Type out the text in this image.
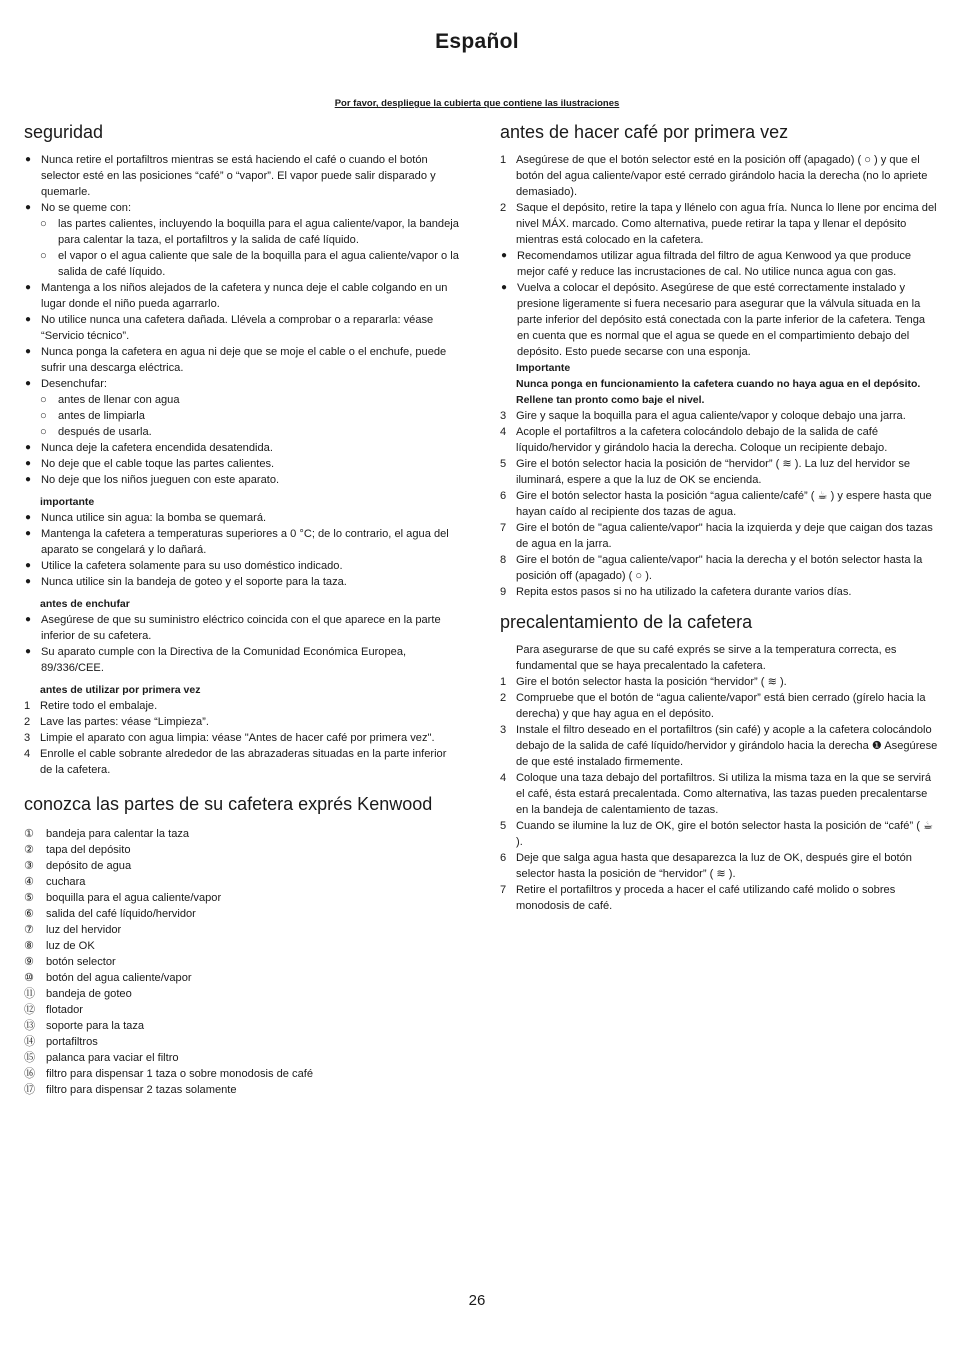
Español
Por favor, despliegue la cubierta que contiene las ilustraciones
seguridad
● Nunca retire el portafiltros mientras se está haciendo el café o cuando el botón selector esté en las posiciones “café” o “vapor”. El vapor puede salir disparado y quemarle.
● No se queme con:
○	las partes calientes, incluyendo la boquilla para el agua caliente/vapor, la bandeja para calentar la taza, el portafiltros y la salida de café líquido.
○	el vapor o el agua caliente que sale de la boquilla para el agua caliente/vapor o la salida de café líquido.
● Mantenga a los niños alejados de la cafetera y nunca deje el cable colgando en un lugar donde el niño pueda agarrarlo.
● No utilice nunca una cafetera dañada. Llévela a comprobar o a repararla: véase “Servicio técnico”.
● Nunca ponga la cafetera en agua ni deje que se moje el cable o el enchufe, puede sufrir una descarga eléctrica.
● Desenchufar:
○	antes de llenar con agua
○	antes de limpiarla
○	después de usarla.
● Nunca deje la cafetera encendida desatendida.
● No deje que el cable toque las partes calientes.
● No deje que los niños jueguen con este aparato.
importante
● Nunca utilice sin agua: la bomba se quemará.
● Mantenga la cafetera a temperaturas superiores a 0 °C; de lo contrario, el agua del aparato se congelará y lo dañará.
● Utilice la cafetera solamente para su uso doméstico indicado.
● Nunca utilice sin la bandeja de goteo y el soporte para la taza.
antes de enchufar
● Asegúrese de que su suministro eléctrico coincida con el que aparece en la parte inferior de su cafetera.
● Su aparato cumple con la Directiva de la Comunidad Económica Europea, 89/336/CEE.
antes de utilizar por primera vez
1 Retire todo el embalaje.
2 Lave las partes: véase “Limpieza”.
3 Limpie el aparato con agua limpia: véase "Antes de hacer café por primera vez".
4 Enrolle el cable sobrante alrededor de las abrazaderas situadas en la parte inferior de la cafetera.
conozca las partes de su cafetera exprés Kenwood
①	bandeja para calentar la taza
②	tapa del depósito
③	depósito de agua
④	cuchara
⑤	boquilla para el agua caliente/vapor
⑥	salida del café líquido/hervidor
⑦	luz del hervidor
⑧	luz de OK
⑨	botón selector
⑩	botón del agua caliente/vapor
⑪ bandeja de goteo
⑫ flotador
⑬ soporte para la taza
⑭ portafiltros
⑮ palanca para vaciar el filtro
⑯ filtro para dispensar 1 taza o sobre monodosis de café
⑰ filtro para dispensar 2 tazas solamente
antes de hacer café por primera vez
1 Asegúrese de que el botón selector esté en la posición off (apagado) ( ○ ) y que el botón del agua caliente/vapor esté cerrado girándolo hacia la derecha (no lo apriete demasiado).
2 Saque el depósito, retire la tapa y llénelo con agua fría. Nunca lo llene por encima del nivel MÁX. marcado. Como alternativa, puede retirar la tapa y llenar el depósito mientras está colocado en la cafetera.
● Recomendamos utilizar agua filtrada del filtro de agua Kenwood ya que produce mejor café y reduce las incrustaciones de cal. No utilice nunca agua con gas.
● Vuelva a colocar el depósito. Asegúrese de que esté correctamente instalado y presione ligeramente si fuera necesario para asegurar que la válvula situada en la parte inferior del depósito está conectada con la parte inferior de la cafetera. Tenga en cuenta que es normal que el agua se quede en el compartimiento debajo del depósito. Esto puede secarse con una esponja.
Importante
Nunca ponga en funcionamiento la cafetera cuando no haya agua en el depósito. Rellene tan pronto como baje el nivel.
3 Gire y saque la boquilla para el agua caliente/vapor y coloque debajo una jarra.
4 Acople el portafiltros a la cafetera colocándolo debajo de la salida de café líquido/hervidor y girándolo hacia la derecha. Coloque un recipiente debajo.
5 Gire el botón selector hacia la posición de “hervidor” ( ≋ ). La luz del hervidor se iluminará, espere a que la luz de OK se encienda.
6 Gire el botón selector hasta la posición “agua caliente/café” ( ☕ ) y espere hasta que hayan caído al recipiente dos tazas de agua.
7 Gire el botón de "agua caliente/vapor" hacia la izquierda y deje que caigan dos tazas de agua en la jarra.
8 Gire el botón de "agua caliente/vapor" hacia la derecha y el botón selector hasta la posición off (apagado) ( ○ ).
9 Repita estos pasos si no ha utilizado la cafetera durante varios días.
precalentamiento de la cafetera
Para asegurarse de que su café exprés se sirve a la temperatura correcta, es fundamental que se haya precalentado la cafetera.
1 Gire el botón selector hasta la posición “hervidor” ( ≋ ).
2 Compruebe que el botón de “agua caliente/vapor” está bien cerrado (gírelo hacia la derecha) y que hay agua en el depósito.
3 Instale el filtro deseado en el portafiltros (sin café) y acople a la cafetera colocándolo debajo de la salida de café líquido/hervidor y girándolo hacia la derecha ❶ Asegúrese de que esté instalado firmemente.
4 Coloque una taza debajo del portafiltros. Si utiliza la misma taza en la que se servirá el café, ésta estará precalentada. Como alternativa, las tazas pueden precalentarse en la bandeja de calentamiento de tazas.
5 Cuando se ilumine la luz de OK, gire el botón selector hasta la posición de “café” ( ☕ ).
6 Deje que salga agua hasta que desaparezca la luz de OK, después gire el botón selector hasta la posición de “hervidor” ( ≋ ).
7 Retire el portafiltros y proceda a hacer el café utilizando café molido o sobres monodosis de café.
26
